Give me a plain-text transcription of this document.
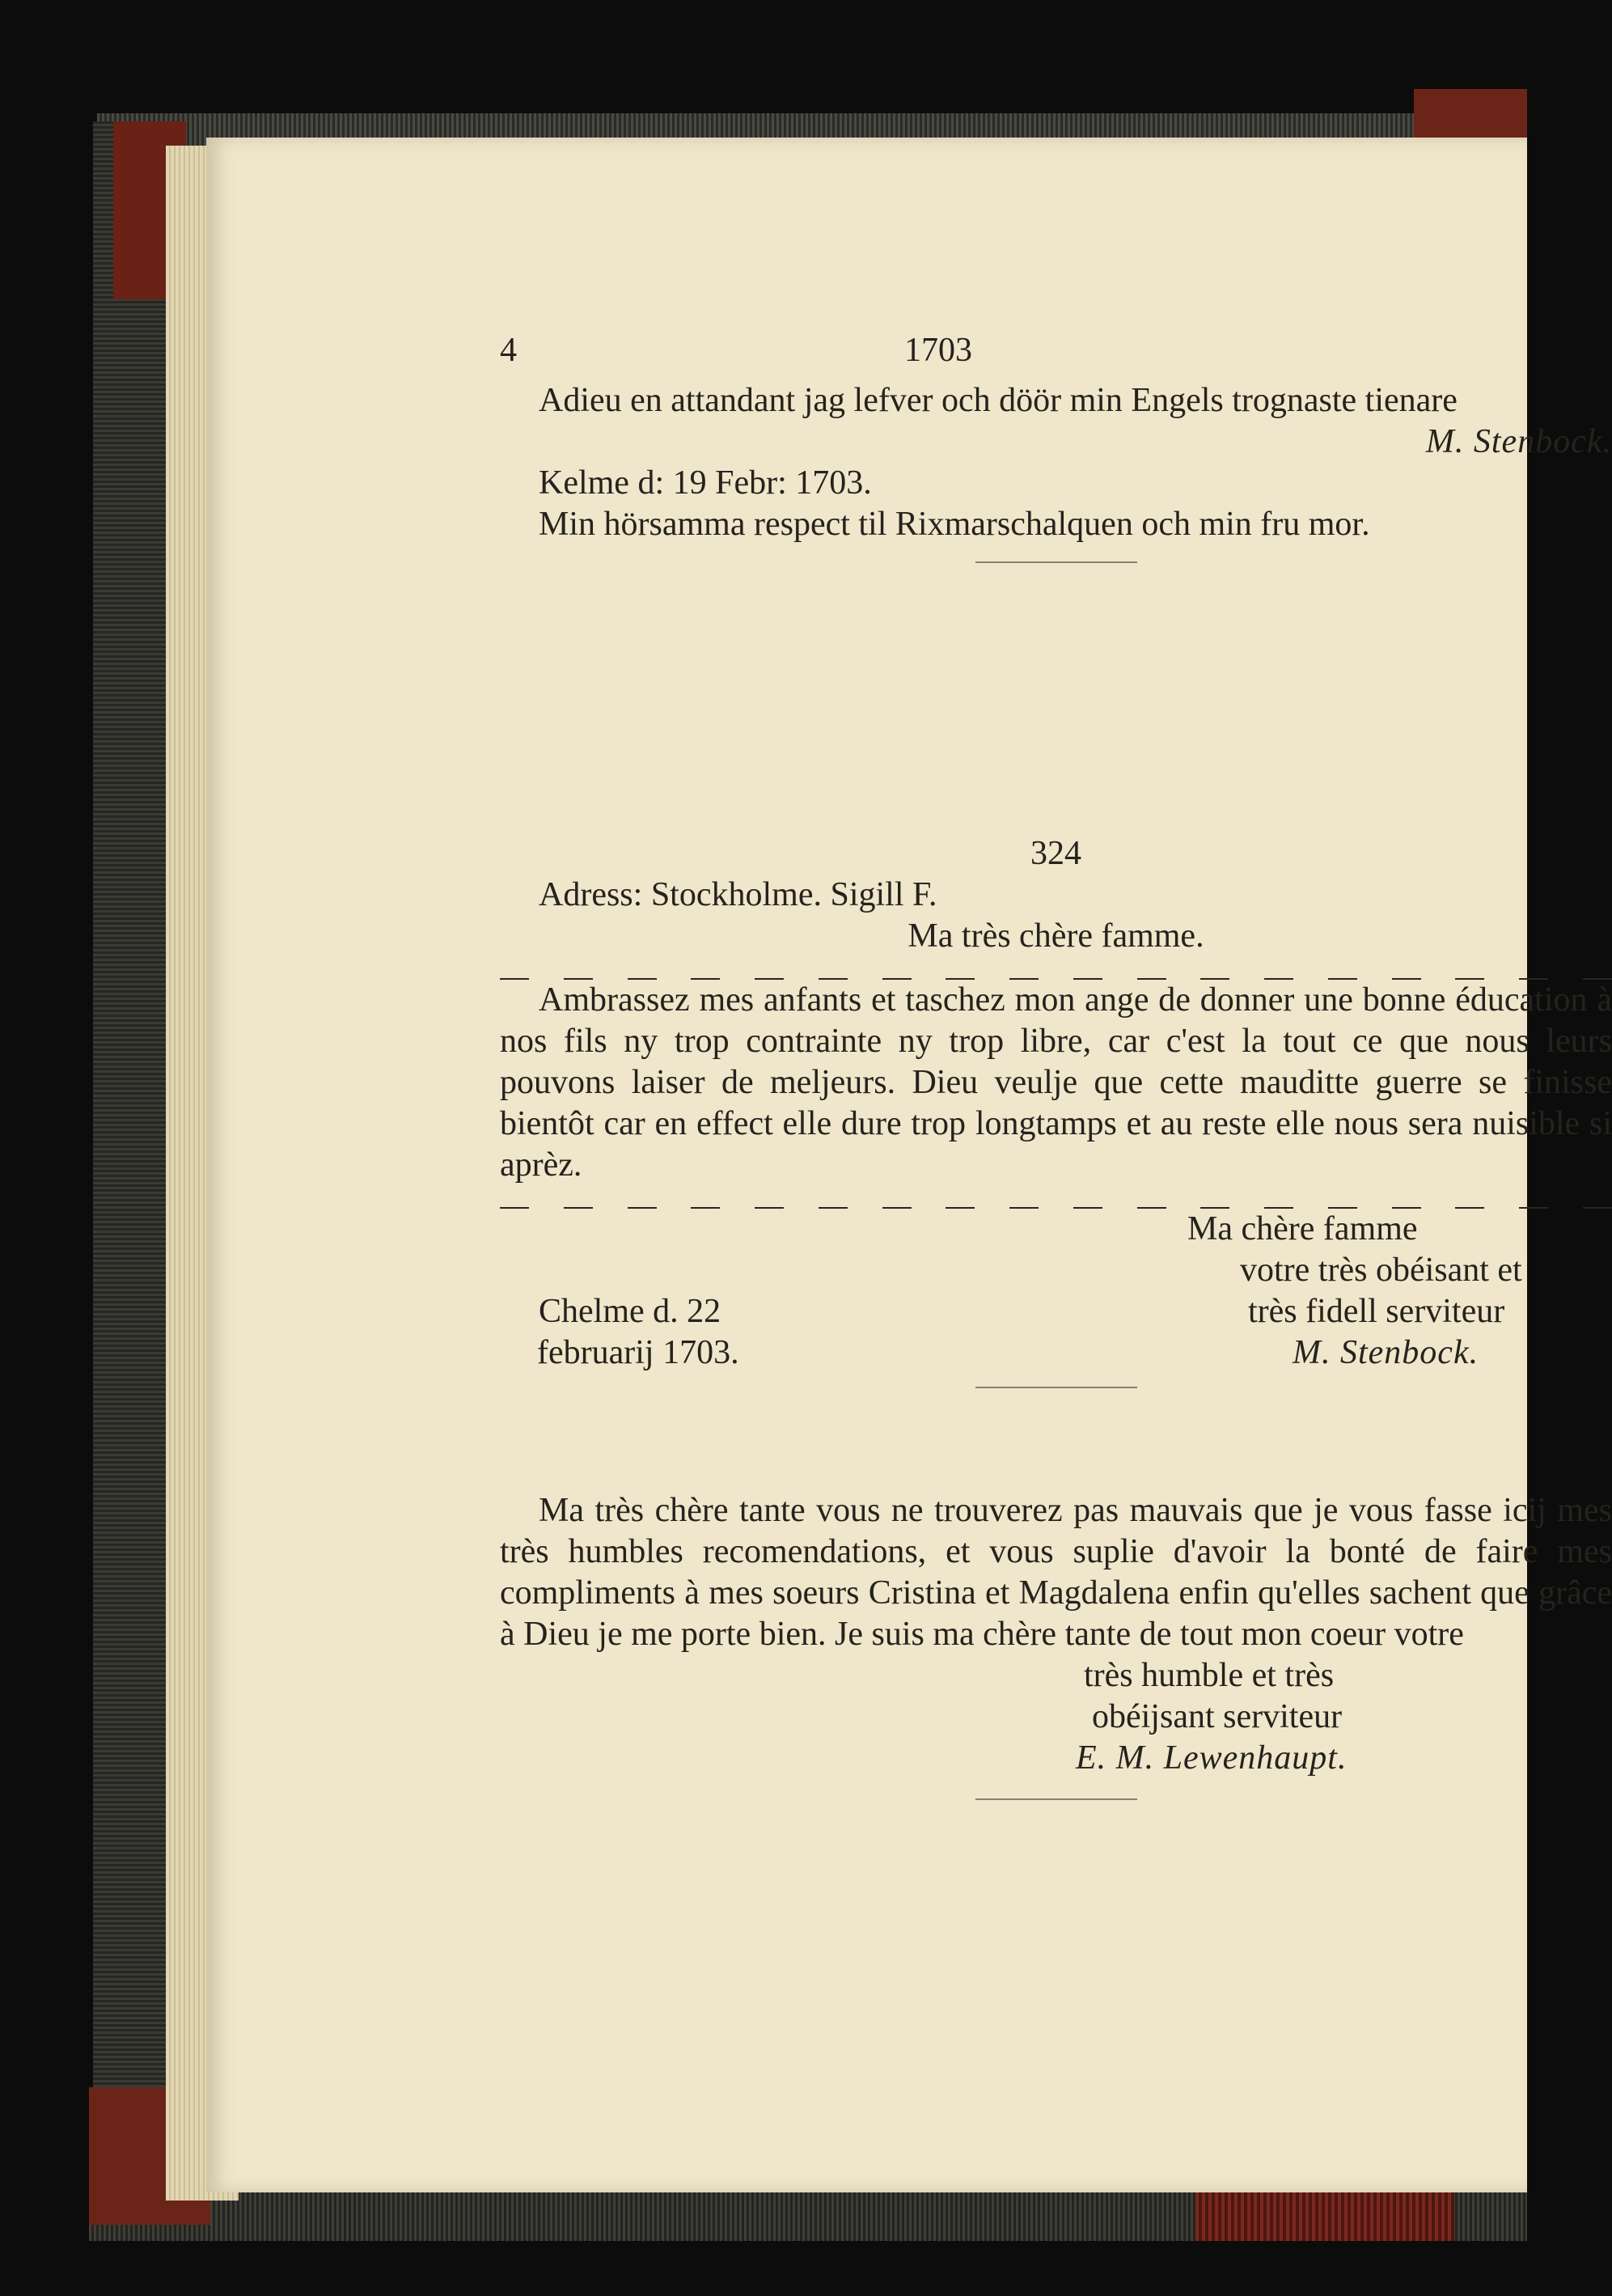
4	1703

Adieu en attandant jag lefver och döör min Engels trognaste tienare

M. Stenbock.

Kelme d: 19 Febr: 1703.

Min hörsamma respect til Rixmarschalquen och min fru mor.

324

Adress: Stockholme. Sigill F.

Ma très chère famme.

Ambrassez mes anfants et taschez mon ange de donner une bonne éducation à nos fils ny trop contrainte ny trop libre, car c'est la tout ce que nous leurs pouvons laiser de meljeurs. Dieu veulje que cette mauditte guerre se finisse bientôt car en effect elle dure trop longtamps et au reste elle nous sera nuisible si aprèz.

Ma chère famme
votre très obéisant et
très fidell serviteur
M. Stenbock.
Chelme d. 22
februarij 1703.

Ma très chère tante vous ne trouverez pas mauvais que je vous fasse icij mes très humbles recomendations, et vous suplie d'avoir la bonté de faire mes compliments à mes soeurs Cristina et Magdalena enfin qu'elles sachent que grâce à Dieu je me porte bien. Je suis ma chère tante de tout mon coeur votre

très humble et très
obéijsant serviteur
E. M. Lewenhaupt.
